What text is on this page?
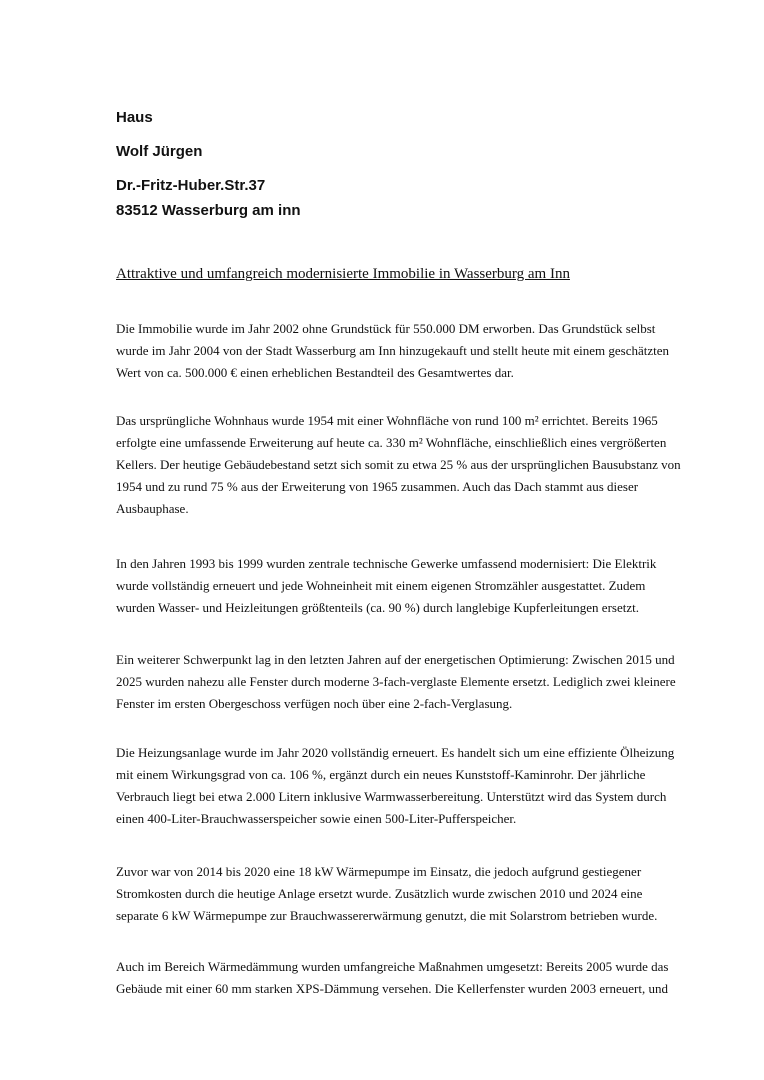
Haus
Wolf Jürgen
Dr.-Fritz-Huber.Str.37
83512 Wasserburg am inn
Attraktive und umfangreich modernisierte Immobilie in Wasserburg am Inn
Die Immobilie wurde im Jahr 2002 ohne Grundstück für 550.000 DM erworben. Das Grundstück selbst
wurde im Jahr 2004 von der Stadt Wasserburg am Inn hinzugekauft und stellt heute mit einem geschätzten
Wert von ca. 500.000 € einen erheblichen Bestandteil des Gesamtwertes dar.
Das ursprüngliche Wohnhaus wurde 1954 mit einer Wohnfläche von rund 100 m² errichtet. Bereits 1965
erfolgte eine umfassende Erweiterung auf heute ca. 330 m² Wohnfläche, einschließlich eines vergrößerten
Kellers. Der heutige Gebäudebestand setzt sich somit zu etwa 25 % aus der ursprünglichen Bausubstanz von
1954 und zu rund 75 % aus der Erweiterung von 1965 zusammen. Auch das Dach stammt aus dieser
Ausbauphase.
In den Jahren 1993 bis 1999 wurden zentrale technische Gewerke umfassend modernisiert: Die Elektrik
wurde vollständig erneuert und jede Wohneinheit mit einem eigenen Stromzähler ausgestattet. Zudem
wurden Wasser- und Heizleitungen größtenteils (ca. 90 %) durch langlebige Kupferleitungen ersetzt.
Ein weiterer Schwerpunkt lag in den letzten Jahren auf der energetischen Optimierung: Zwischen 2015 und
2025 wurden nahezu alle Fenster durch moderne 3-fach-verglaste Elemente ersetzt. Lediglich zwei kleinere
Fenster im ersten Obergeschoss verfügen noch über eine 2-fach-Verglasung.
Die Heizungsanlage wurde im Jahr 2020 vollständig erneuert. Es handelt sich um eine effiziente Ölheizung
mit einem Wirkungsgrad von ca. 106 %, ergänzt durch ein neues Kunststoff-Kaminrohr. Der jährliche
Verbrauch liegt bei etwa 2.000 Litern inklusive Warmwasserbereitung. Unterstützt wird das System durch
einen 400-Liter-Brauchwasserspeicher sowie einen 500-Liter-Pufferspeicher.
Zuvor war von 2014 bis 2020 eine 18 kW Wärmepumpe im Einsatz, die jedoch aufgrund gestiegener
Stromkosten durch die heutige Anlage ersetzt wurde. Zusätzlich wurde zwischen 2010 und 2024 eine
separate 6 kW Wärmepumpe zur Brauchwassererwärmung genutzt, die mit Solarstrom betrieben wurde.
Auch im Bereich Wärmedämmung wurden umfangreiche Maßnahmen umgesetzt: Bereits 2005 wurde das
Gebäude mit einer 60 mm starken XPS-Dämmung versehen. Die Kellerfenster wurden 2003 erneuert, und
